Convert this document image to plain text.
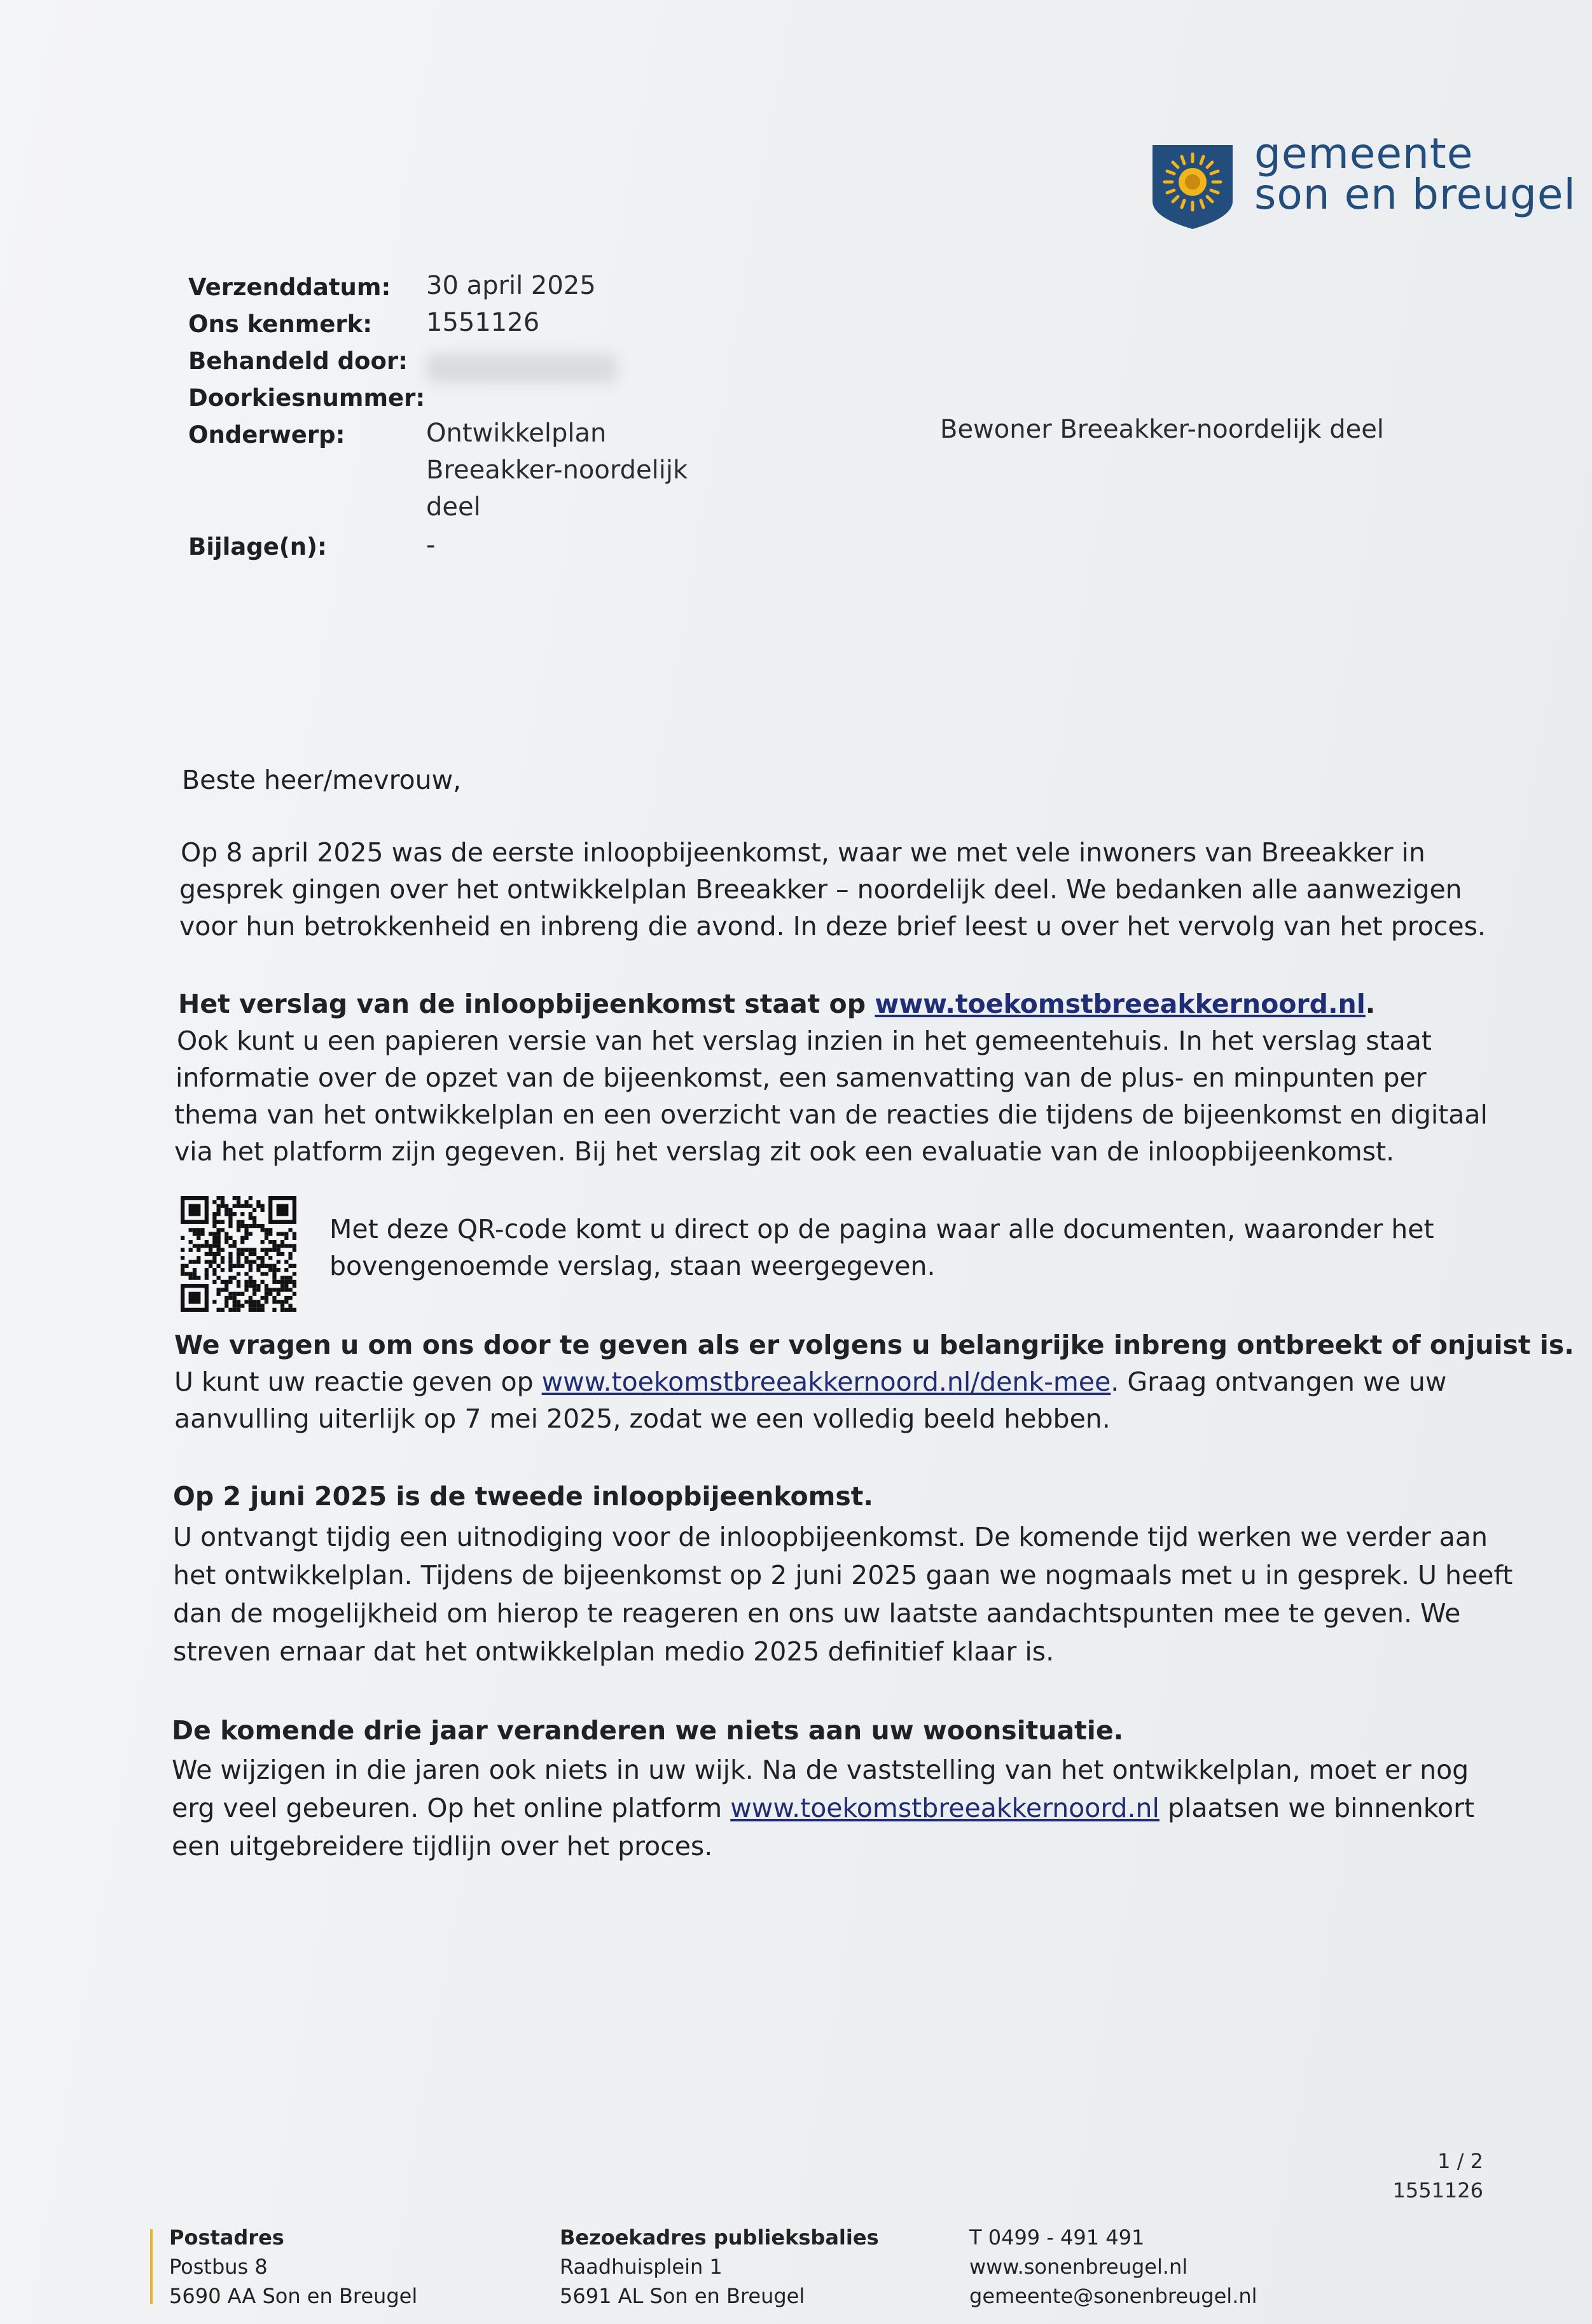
gemeente
son en breugel
Verzenddatum: 30 april 2025
Ons kenmerk: 1551126
Behandeld door:
Doorkiesnummer:
Onderwerp:	Ontwikkelplan
Breeakker-noordelijk
deel
Bijlage(n):	-
Bewoner Breeakker-noordelijk deel
Beste heer/mevrouw,
Op 8 april 2025 was de eerste inloopbijeenkomst, waar we met vele inwoners van Breeakker in
gesprek gingen over het ontwikkelplan Breeakker – noordelijk deel. We bedanken alle aanwezigen
voor hun betrokkenheid en inbreng die avond. In deze brief leest u over het vervolg van het proces.
Het verslag van de inloopbijeenkomst staat op www.toekomstbreeakkernoord.nl.
Ook kunt u een papieren versie van het verslag inzien in het gemeentehuis. In het verslag staat
informatie over de opzet van de bijeenkomst, een samenvatting van de plus- en minpunten per
thema van het ontwikkelplan en een overzicht van de reacties die tijdens de bijeenkomst en digitaal
via het platform zijn gegeven. Bij het verslag zit ook een evaluatie van de inloopbijeenkomst.
Met deze QR-code komt u direct op de pagina waar alle documenten, waaronder het
bovengenoemde verslag, staan weergegeven.
We vragen u om ons door te geven als er volgens u belangrijke inbreng ontbreekt of onjuist is.
U kunt uw reactie geven op www.toekomstbreeakkernoord.nl/denk-mee. Graag ontvangen we uw
aanvulling uiterlijk op 7 mei 2025, zodat we een volledig beeld hebben.
Op 2 juni 2025 is de tweede inloopbijeenkomst.
U ontvangt tijdig een uitnodiging voor de inloopbijeenkomst. De komende tijd werken we verder aan
het ontwikkelplan. Tijdens de bijeenkomst op 2 juni 2025 gaan we nogmaals met u in gesprek. U heeft
dan de mogelijkheid om hierop te reageren en ons uw laatste aandachtspunten mee te geven. We
streven ernaar dat het ontwikkelplan medio 2025 definitief klaar is.
De komende drie jaar veranderen we niets aan uw woonsituatie.
We wijzigen in die jaren ook niets in uw wijk. Na de vaststelling van het ontwikkelplan, moet er nog
erg veel gebeuren. Op het online platform www.toekomstbreeakkernoord.nl plaatsen we binnenkort
een uitgebreidere tijdlijn over het proces.
1 / 2
1551126
Postadres
Postbus 8
5690 AA Son en Breugel
Bezoekadres publieksbalies
Raadhuisplein 1
5691 AL Son en Breugel
T 0499 - 491 491
www.sonenbreugel.nl
gemeente@sonenbreugel.nl
